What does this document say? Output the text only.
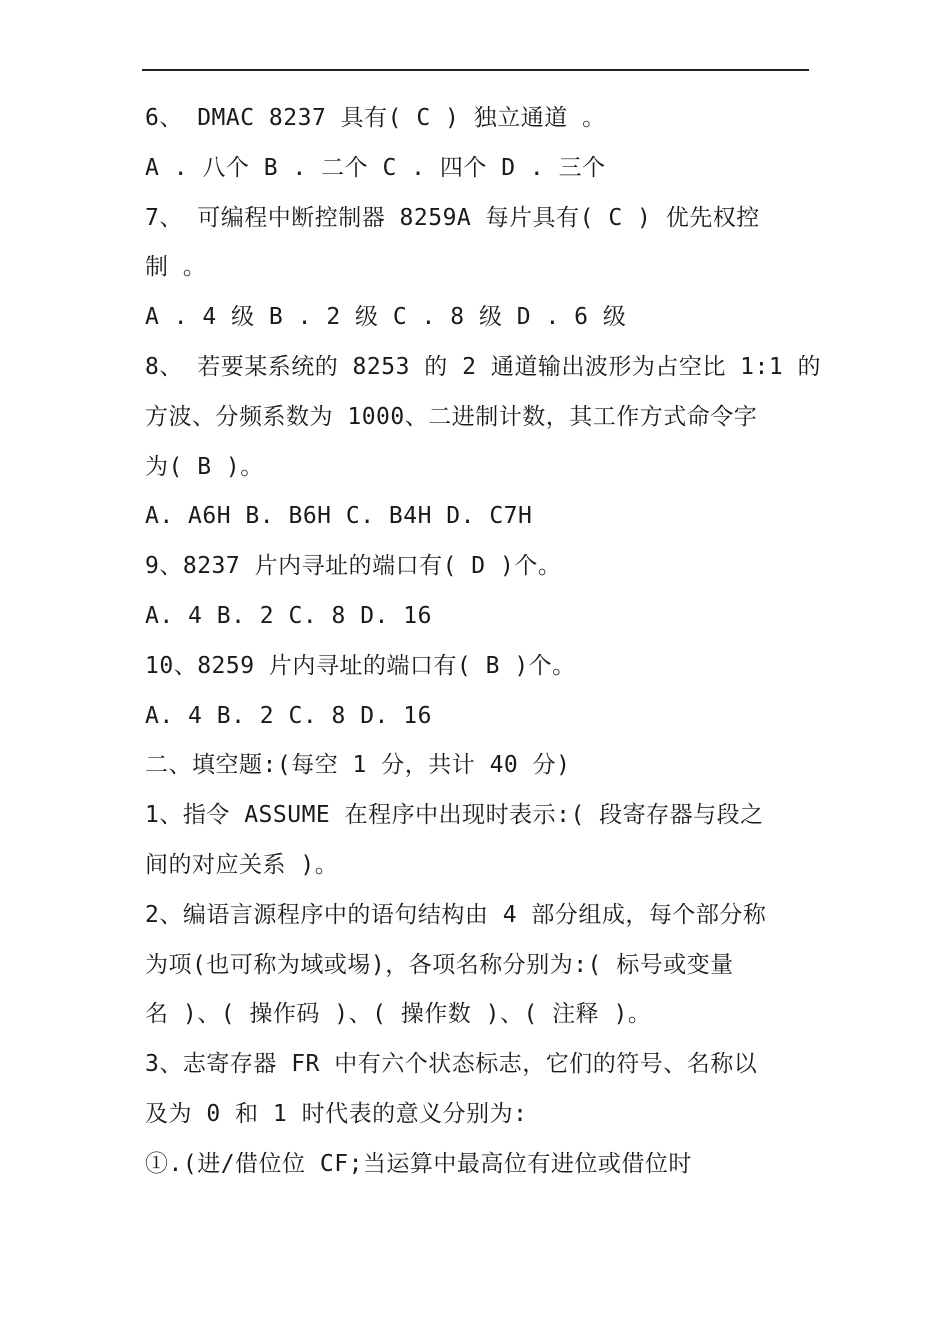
6、 DMAC 8237 具有( C ) 独立通道 。
A . 八个 B . 二个 C . 四个 D . 三个
7、 可编程中断控制器 8259A 每片具有( C ) 优先权控
制 。
A . 4 级 B . 2 级 C . 8 级 D . 6 级
8、 若要某系统的 8253 的 2 通道输出波形为占空比 1:1 的
方波、分频系数为 1000、二进制计数，其工作方式命令字
为( B )。
A. A6H B. B6H C. B4H D. C7H
9、8237 片内寻址的端口有( D )个。
A. 4 B. 2 C. 8 D. 16
10、8259 片内寻址的端口有( B )个。
A. 4 B. 2 C. 8 D. 16
二、填空题:(每空 1 分，共计 40 分)
1、指令 ASSUME 在程序中出现时表示:( 段寄存器与段之
间的对应关系 )。
2、编语言源程序中的语句结构由 4 部分组成，每个部分称
为项(也可称为域或埸)，各项名称分别为:( 标号或变量
名 )、( 操作码 )、( 操作数 )、( 注释 )。
3、志寄存器 FR 中有六个状态标志，它们的符号、名称以
及为 0 和 1 时代表的意义分别为:
①.(进/借位位 CF;当运算中最高位有进位或借位时
